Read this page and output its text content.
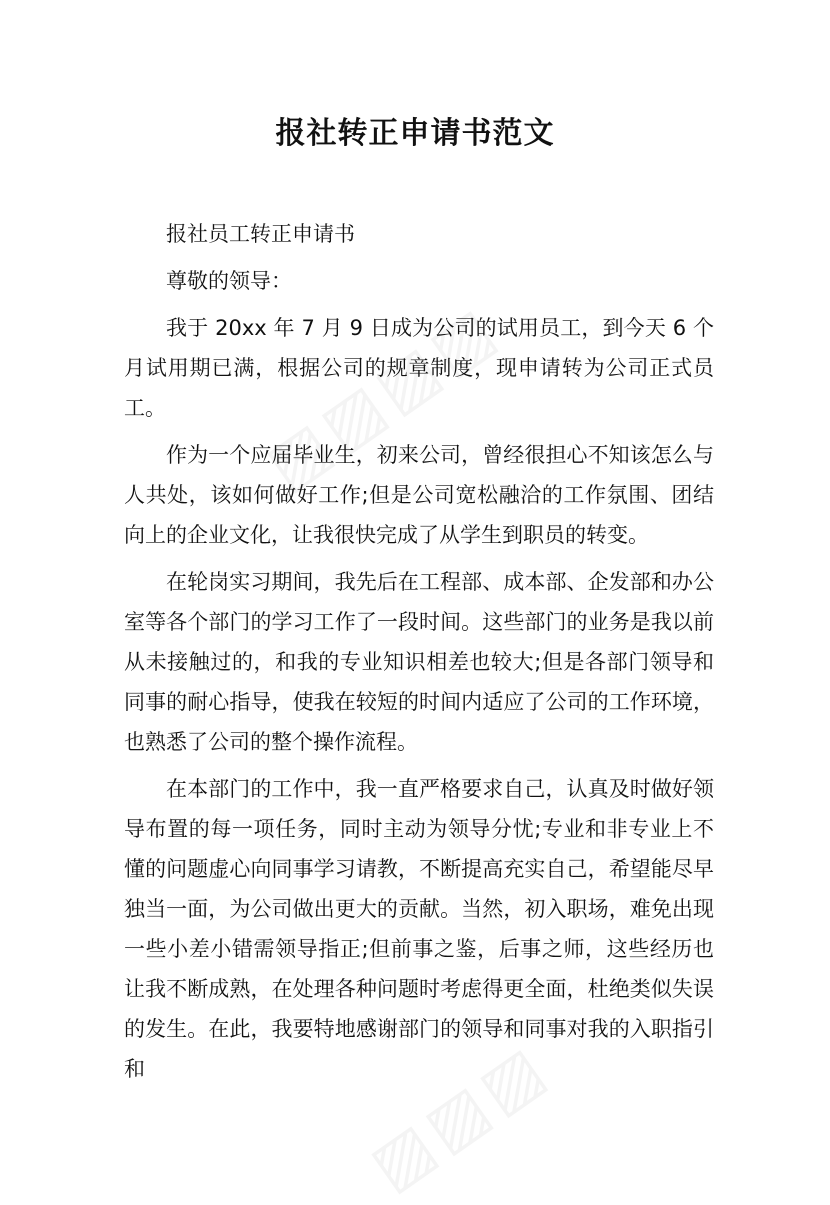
报社转正申请书范文

报社员工转正申请书

尊敬的领导：

我于 20xx 年 7 月 9 日成为公司的试用员工，到今天 6 个月试用期已满，根据公司的规章制度，现申请转为公司正式员工。

作为一个应届毕业生，初来公司，曾经很担心不知该怎么与人共处，该如何做好工作;但是公司宽松融洽的工作氛围、团结向上的企业文化，让我很快完成了从学生到职员的转变。

在轮岗实习期间，我先后在工程部、成本部、企发部和办公室等各个部门的学习工作了一段时间。这些部门的业务是我以前从未接触过的，和我的专业知识相差也较大;但是各部门领导和同事的耐心指导，使我在较短的时间内适应了公司的工作环境，也熟悉了公司的整个操作流程。

在本部门的工作中，我一直严格要求自己，认真及时做好领导布置的每一项任务，同时主动为领导分忧;专业和非专业上不懂的问题虚心向同事学习请教，不断提高充实自己，希望能尽早独当一面，为公司做出更大的贡献。当然，初入职场，难免出现一些小差小错需领导指正;但前事之鉴，后事之师，这些经历也让我不断成熟，在处理各种问题时考虑得更全面，杜绝类似失误的发生。在此，我要特地感谢部门的领导和同事对我的入职指引和
